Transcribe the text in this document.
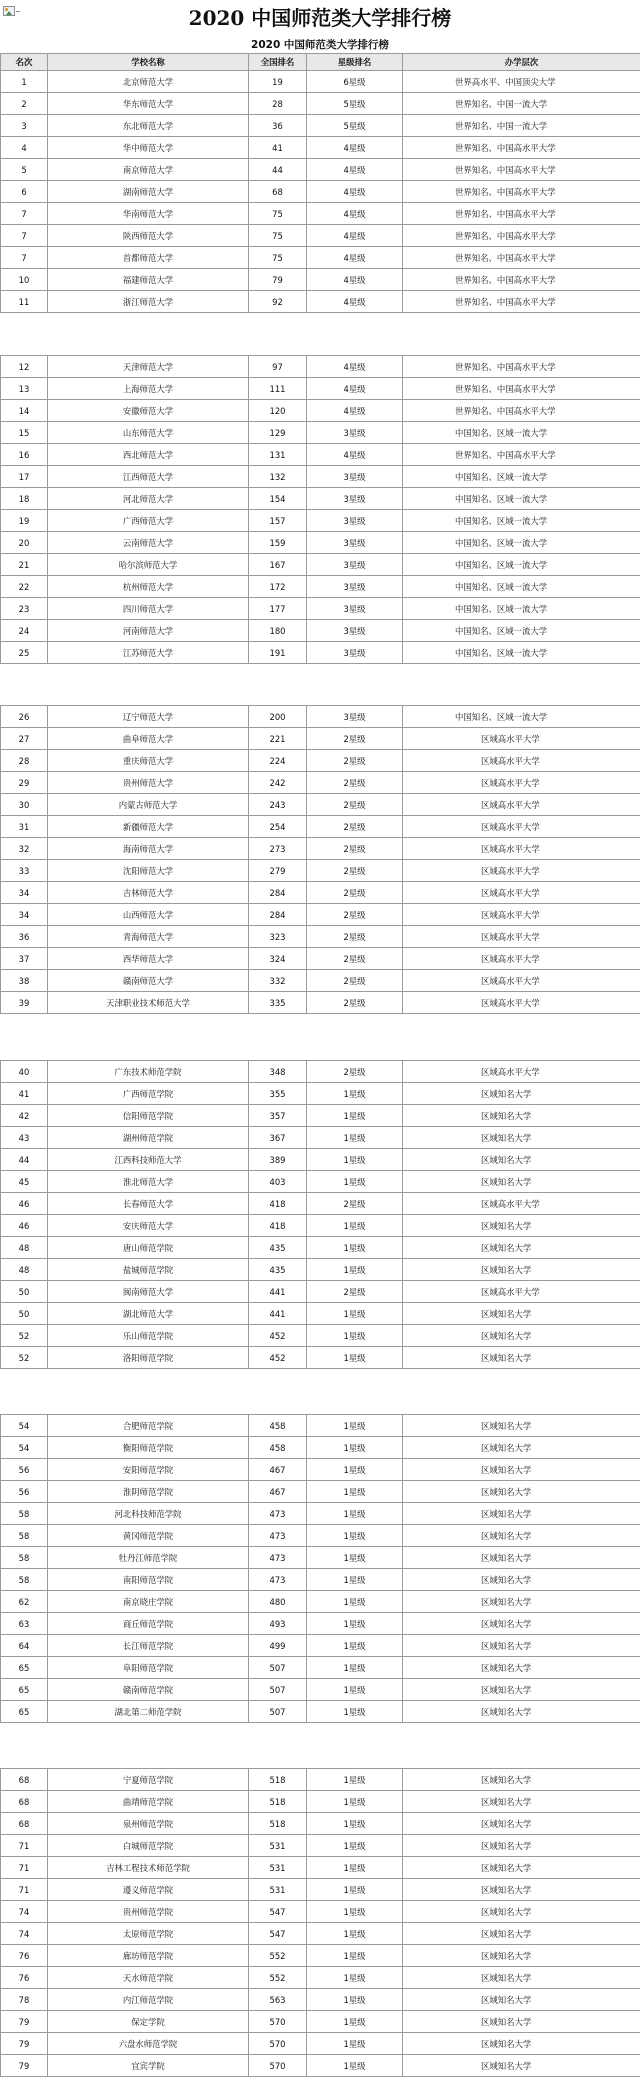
2020 中国师范类大学排行榜
2020 中国师范类大学排行榜
名次	学校名称	全国排名	星级排名	办学层次
1	北京师范大学	19	6星级	世界高水平、中国顶尖大学
2	华东师范大学	28	5星级	世界知名、中国一流大学
3	东北师范大学	36	5星级	世界知名、中国一流大学
4	华中师范大学	41	4星级	世界知名、中国高水平大学
5	南京师范大学	44	4星级	世界知名、中国高水平大学
6	湖南师范大学	68	4星级	世界知名、中国高水平大学
7	华南师范大学	75	4星级	世界知名、中国高水平大学
7	陕西师范大学	75	4星级	世界知名、中国高水平大学
7	首都师范大学	75	4星级	世界知名、中国高水平大学
10	福建师范大学	79	4星级	世界知名、中国高水平大学
11	浙江师范大学	92	4星级	世界知名、中国高水平大学
12	天津师范大学	97	4星级	世界知名、中国高水平大学
13	上海师范大学	111	4星级	世界知名、中国高水平大学
14	安徽师范大学	120	4星级	世界知名、中国高水平大学
15	山东师范大学	129	3星级	中国知名、区域一流大学
16	西北师范大学	131	4星级	世界知名、中国高水平大学
17	江西师范大学	132	3星级	中国知名、区域一流大学
18	河北师范大学	154	3星级	中国知名、区域一流大学
19	广西师范大学	157	3星级	中国知名、区域一流大学
20	云南师范大学	159	3星级	中国知名、区域一流大学
21	哈尔滨师范大学	167	3星级	中国知名、区域一流大学
22	杭州师范大学	172	3星级	中国知名、区域一流大学
23	四川师范大学	177	3星级	中国知名、区域一流大学
24	河南师范大学	180	3星级	中国知名、区域一流大学
25	江苏师范大学	191	3星级	中国知名、区域一流大学
26	辽宁师范大学	200	3星级	中国知名、区域一流大学
27	曲阜师范大学	221	2星级	区域高水平大学
28	重庆师范大学	224	2星级	区域高水平大学
29	贵州师范大学	242	2星级	区域高水平大学
30	内蒙古师范大学	243	2星级	区域高水平大学
31	新疆师范大学	254	2星级	区域高水平大学
32	海南师范大学	273	2星级	区域高水平大学
33	沈阳师范大学	279	2星级	区域高水平大学
34	吉林师范大学	284	2星级	区域高水平大学
34	山西师范大学	284	2星级	区域高水平大学
36	青海师范大学	323	2星级	区域高水平大学
37	西华师范大学	324	2星级	区域高水平大学
38	赣南师范大学	332	2星级	区域高水平大学
39	天津职业技术师范大学	335	2星级	区域高水平大学
40	广东技术师范学院	348	2星级	区域高水平大学
41	广西师范学院	355	1星级	区域知名大学
42	信阳师范学院	357	1星级	区域知名大学
43	湖州师范学院	367	1星级	区域知名大学
44	江西科技师范大学	389	1星级	区域知名大学
45	淮北师范大学	403	1星级	区域知名大学
46	长春师范大学	418	2星级	区域高水平大学
46	安庆师范大学	418	1星级	区域知名大学
48	唐山师范学院	435	1星级	区域知名大学
48	盐城师范学院	435	1星级	区域知名大学
50	闽南师范大学	441	2星级	区域高水平大学
50	湖北师范大学	441	1星级	区域知名大学
52	乐山师范学院	452	1星级	区域知名大学
52	洛阳师范学院	452	1星级	区域知名大学
54	合肥师范学院	458	1星级	区域知名大学
54	衡阳师范学院	458	1星级	区域知名大学
56	安阳师范学院	467	1星级	区域知名大学
56	淮阴师范学院	467	1星级	区域知名大学
58	河北科技师范学院	473	1星级	区域知名大学
58	黄冈师范学院	473	1星级	区域知名大学
58	牡丹江师范学院	473	1星级	区域知名大学
58	南阳师范学院	473	1星级	区域知名大学
62	南京晓庄学院	480	1星级	区域知名大学
63	商丘师范学院	493	1星级	区域知名大学
64	长江师范学院	499	1星级	区域知名大学
65	阜阳师范学院	507	1星级	区域知名大学
65	赣南师范学院	507	1星级	区域知名大学
65	湖北第二师范学院	507	1星级	区域知名大学
68	宁夏师范学院	518	1星级	区域知名大学
68	曲靖师范学院	518	1星级	区域知名大学
68	泉州师范学院	518	1星级	区域知名大学
71	白城师范学院	531	1星级	区域知名大学
71	吉林工程技术师范学院	531	1星级	区域知名大学
71	遵义师范学院	531	1星级	区域知名大学
74	贵州师范学院	547	1星级	区域知名大学
74	太原师范学院	547	1星级	区域知名大学
76	廊坊师范学院	552	1星级	区域知名大学
76	天水师范学院	552	1星级	区域知名大学
78	内江师范学院	563	1星级	区域知名大学
79	保定学院	570	1星级	区域知名大学
79	六盘水师范学院	570	1星级	区域知名大学
79	宜宾学院	570	1星级	区域知名大学
